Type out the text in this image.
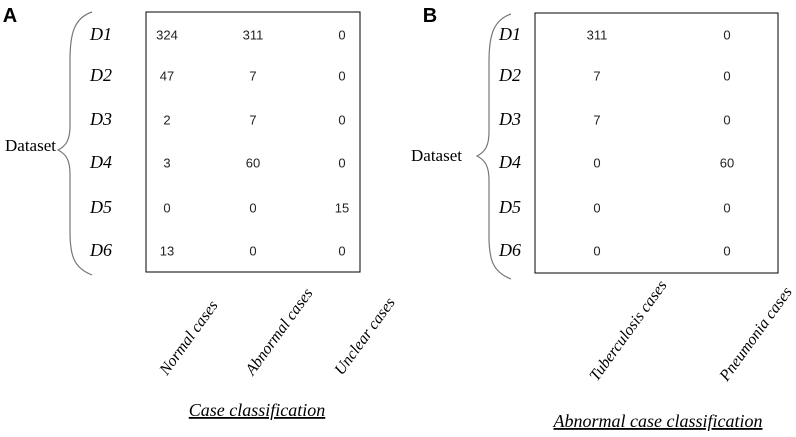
A
Dataset
D1	324	311	0
D2	47	7	0
D3	2	7	0
D4	3	60	0
D5	0	0	15
D6	13	0	0
Normal cases Abnormal cases Unclear cases
Case classification
B
Dataset
D1	311	0
D2	7	0
D3	7	0
D4	0	60
D5	0	0
D6	0	0
Tuberculosis cases	Pneumonia cases
Abnormal case classification
